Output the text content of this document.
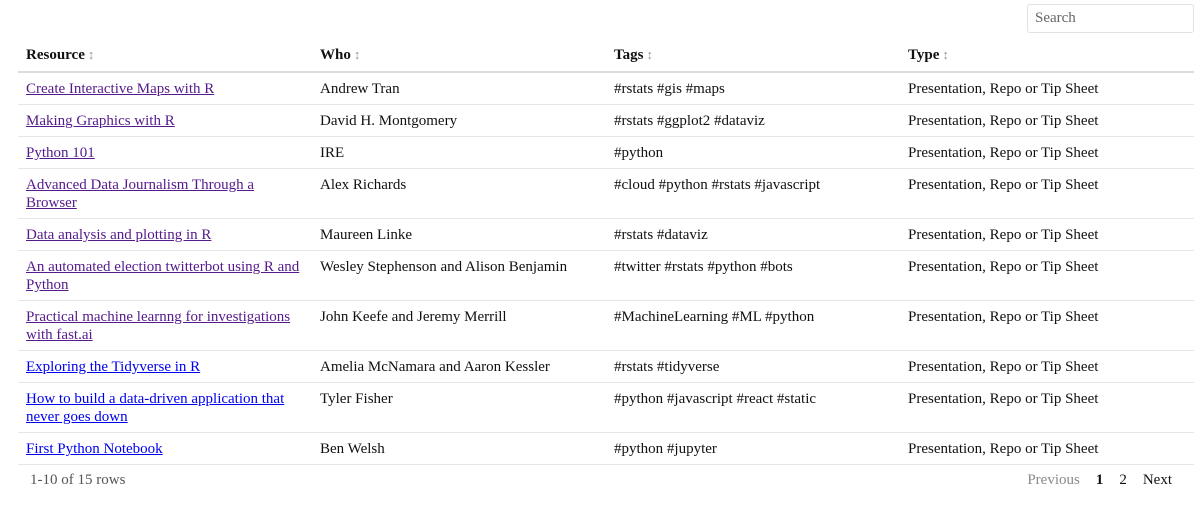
Search
Resource ↕	Who ↕	Tags ↕	Type ↕
Create Interactive Maps with R	Andrew Tran	#rstats #gis #maps	Presentation, Repo or Tip Sheet
Making Graphics with R	David H. Montgomery	#rstats #ggplot2 #dataviz	Presentation, Repo or Tip Sheet
Python 101	IRE	#python	Presentation, Repo or Tip Sheet
Advanced Data Journalism Through a Browser	Alex Richards	#cloud #python #rstats #javascript	Presentation, Repo or Tip Sheet
Data analysis and plotting in R	Maureen Linke	#rstats #dataviz	Presentation, Repo or Tip Sheet
An automated election twitterbot using R and Python	Wesley Stephenson and Alison Benjamin	#twitter #rstats #python #bots	Presentation, Repo or Tip Sheet
Practical machine learnng for investigations with fast.ai	John Keefe and Jeremy Merrill	#MachineLearning #ML #python	Presentation, Repo or Tip Sheet
Exploring the Tidyverse in R	Amelia McNamara and Aaron Kessler	#rstats #tidyverse	Presentation, Repo or Tip Sheet
How to build a data-driven application that never goes down	Tyler Fisher	#python #javascript #react #static	Presentation, Repo or Tip Sheet
First Python Notebook	Ben Welsh	#python #jupyter	Presentation, Repo or Tip Sheet
1-10 of 15 rows	Previous	1	2	Next
